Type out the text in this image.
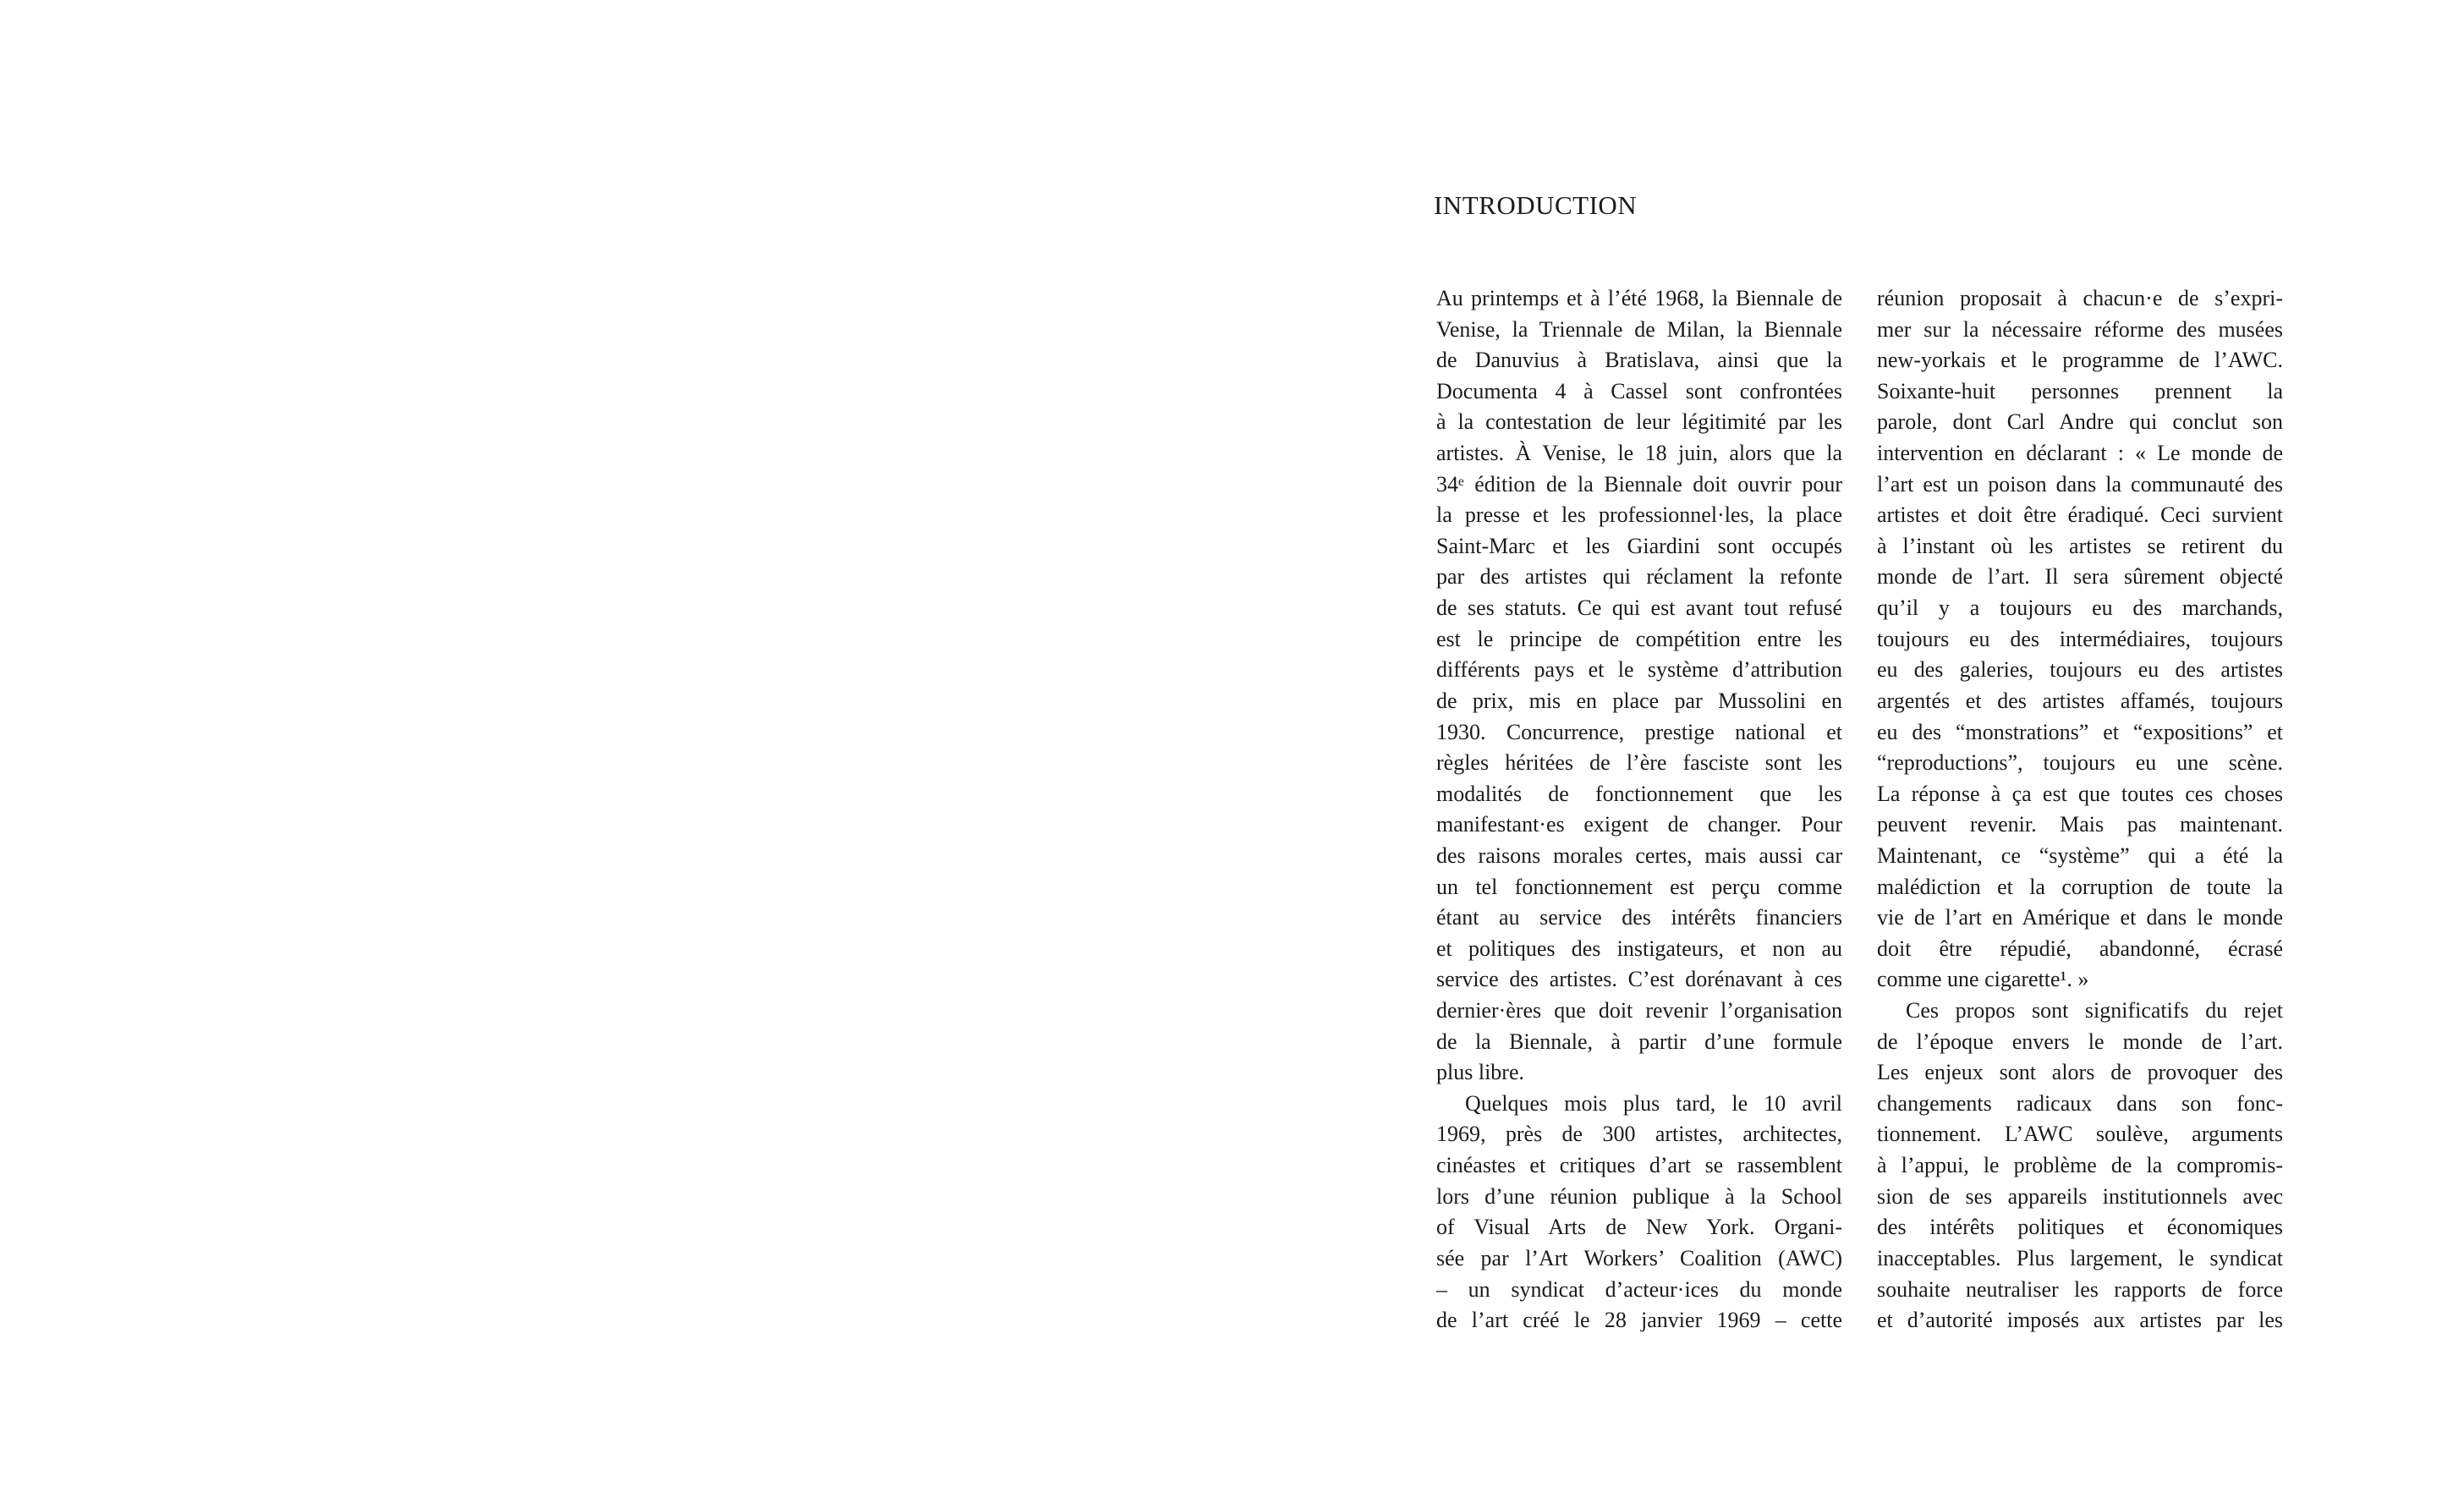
INTRODUCTION
Au printemps et à l’été 1968, la Biennale de
Venise, la Triennale de Milan, la Biennale
de Danuvius à Bratislava, ainsi que la
Documenta 4 à Cassel sont confrontées
à la contestation de leur légitimité par les
artistes. À Venise, le 18 juin, alors que la
34ᵉ édition de la Biennale doit ouvrir pour
la presse et les professionnel·les, la place
Saint-Marc et les Giardini sont occupés
par des artistes qui réclament la refonte
de ses statuts. Ce qui est avant tout refusé
est le principe de compétition entre les
différents pays et le système d’attribution
de prix, mis en place par Mussolini en
1930. Concurrence, prestige national et
règles héritées de l’ère fasciste sont les
modalités de fonctionnement que les
manifestant·es exigent de changer. Pour
des raisons morales certes, mais aussi car
un tel fonctionnement est perçu comme
étant au service des intérêts financiers
et politiques des instigateurs, et non au
service des artistes. C’est dorénavant à ces
dernier·ères que doit revenir l’organisation
de la Biennale, à partir d’une formule
plus libre.
Quelques mois plus tard, le 10 avril
1969, près de 300 artistes, architectes,
cinéastes et critiques d’art se rassemblent
lors d’une réunion publique à la School
of Visual Arts de New York. Organi-
sée par l’Art Workers’ Coalition (AWC)
– un syndicat d’acteur·ices du monde
de l’art créé le 28 janvier 1969 – cette
réunion proposait à chacun·e de s’expri-
mer sur la nécessaire réforme des musées
new-yorkais et le programme de l’AWC.
Soixante-huit personnes prennent la
parole, dont Carl Andre qui conclut son
intervention en déclarant : « Le monde de
l’art est un poison dans la communauté des
artistes et doit être éradiqué. Ceci survient
à l’instant où les artistes se retirent du
monde de l’art. Il sera sûrement objecté
qu’il y a toujours eu des marchands,
toujours eu des intermédiaires, toujours
eu des galeries, toujours eu des artistes
argentés et des artistes affamés, toujours
eu des “monstrations” et “expositions” et
“reproductions”, toujours eu une scène.
La réponse à ça est que toutes ces choses
peuvent revenir. Mais pas maintenant.
Maintenant, ce “système” qui a été la
malédiction et la corruption de toute la
vie de l’art en Amérique et dans le monde
doit être répudié, abandonné, écrasé
comme une cigarette¹. »
Ces propos sont significatifs du rejet
de l’époque envers le monde de l’art.
Les enjeux sont alors de provoquer des
changements radicaux dans son fonc-
tionnement. L’AWC soulève, arguments
à l’appui, le problème de la compromis-
sion de ses appareils institutionnels avec
des intérêts politiques et économiques
inacceptables. Plus largement, le syndicat
souhaite neutraliser les rapports de force
et d’autorité imposés aux artistes par les
